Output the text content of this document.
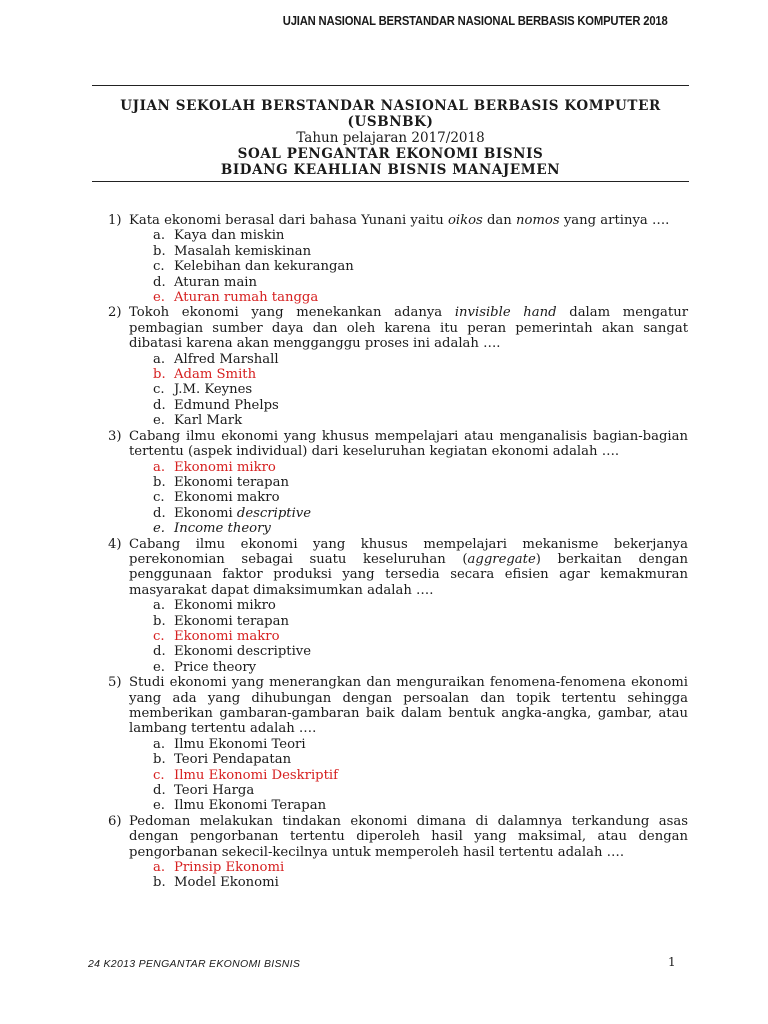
UJIAN NASIONAL BERSTANDAR NASIONAL BERBASIS KOMPUTER 2018
UJIAN SEKOLAH BERSTANDAR NASIONAL BERBASIS KOMPUTER
(USBNBK)
Tahun pelajaran 2017/2018
SOAL PENGANTAR EKONOMI BISNIS
BIDANG KEAHLIAN BISNIS MANAJEMEN
1) Kata ekonomi berasal dari bahasa Yunani yaitu oikos dan nomos yang artinya ….
a. Kaya dan miskin
b. Masalah kemiskinan
c. Kelebihan dan kekurangan
d. Aturan main
e. Aturan rumah tangga
2) Tokoh ekonomi yang menekankan adanya invisible hand dalam mengatur pembagian sumber daya dan oleh karena itu peran pemerintah akan sangat dibatasi karena akan mengganggu proses ini adalah ….
a. Alfred Marshall
b. Adam Smith
c. J.M. Keynes
d. Edmund Phelps
e. Karl Mark
3) Cabang ilmu ekonomi yang khusus mempelajari atau menganalisis bagian-bagian tertentu (aspek individual) dari keseluruhan kegiatan ekonomi adalah ….
a. Ekonomi mikro
b. Ekonomi terapan
c. Ekonomi makro
d. Ekonomi descriptive
e. Income theory
4) Cabang ilmu ekonomi yang khusus mempelajari mekanisme bekerjanya perekonomian sebagai suatu keseluruhan (aggregate) berkaitan dengan penggunaan faktor produksi yang tersedia secara efisien agar kemakmuran masyarakat dapat dimaksimumkan adalah ….
a. Ekonomi mikro
b. Ekonomi terapan
c. Ekonomi makro
d. Ekonomi descriptive
e. Price theory
5) Studi ekonomi yang menerangkan dan menguraikan fenomena-fenomena ekonomi yang ada yang dihubungan dengan persoalan dan topik tertentu sehingga memberikan gambaran-gambaran baik dalam bentuk angka-angka, gambar, atau lambang tertentu adalah ….
a. Ilmu Ekonomi Teori
b. Teori Pendapatan
c. Ilmu Ekonomi Deskriptif
d. Teori Harga
e. Ilmu Ekonomi Terapan
6) Pedoman melakukan tindakan ekonomi dimana di dalamnya terkandung asas dengan pengorbanan tertentu diperoleh hasil yang maksimal, atau dengan pengorbanan sekecil-kecilnya untuk memperoleh hasil tertentu adalah ….
a. Prinsip Ekonomi
b. Model Ekonomi
24 K2013 PENGANTAR EKONOMI BISNIS	1
